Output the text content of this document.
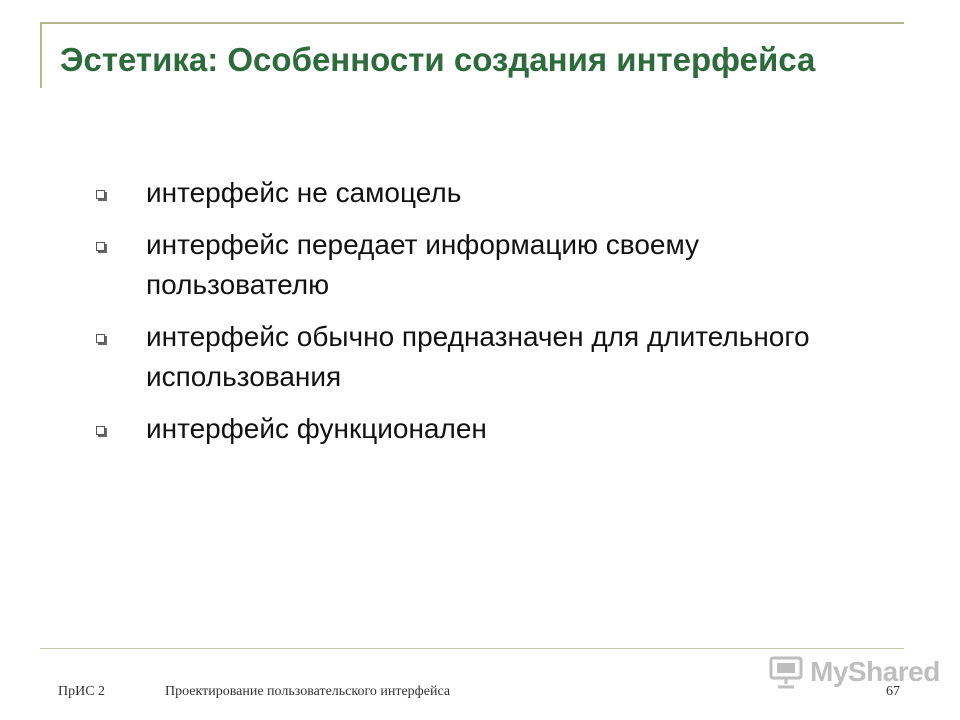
Эстетика: Особенности создания интерфейса
интерфейс не самоцель
интерфейс передает информацию своему пользователю
интерфейс обычно предназначен для длительного использования
интерфейс функционален
MyShared
ПрИС 2	Проектирование пользовательского интерфейса	67
